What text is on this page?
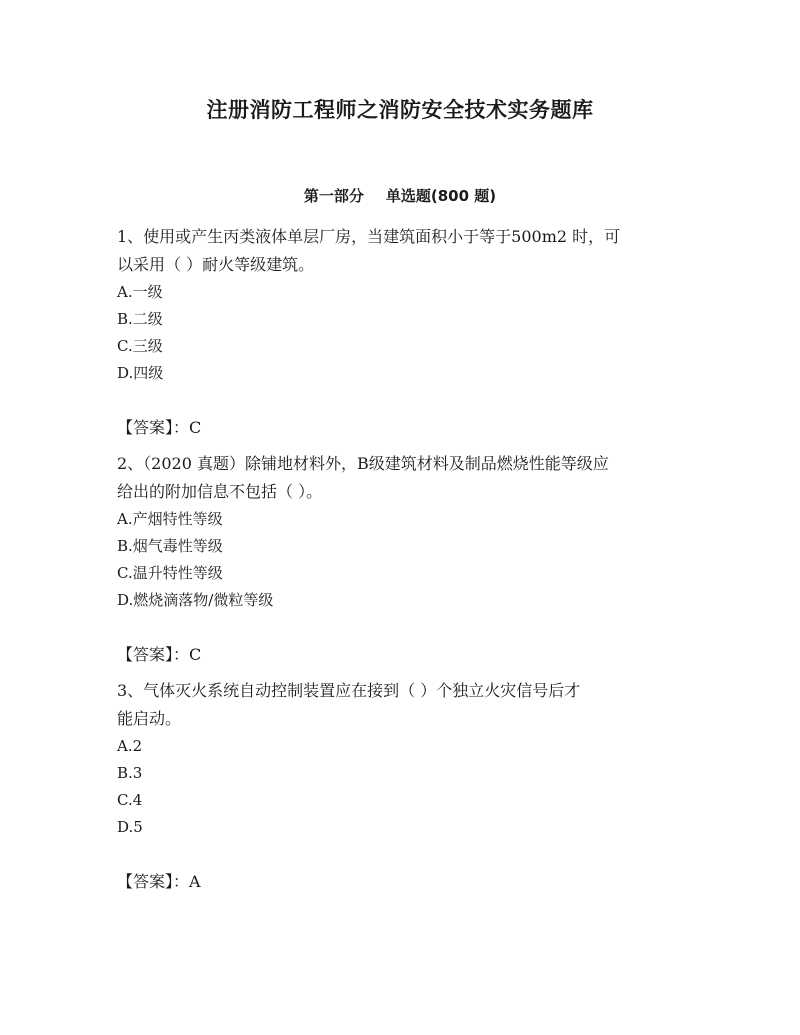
注册消防工程师之消防安全技术实务题库
第一部分 单选题(800 题)

1、使用或产生丙类液体单层厂房，当建筑面积小于等于500m2 时，可
以采用（ ）耐火等级建筑。

A.一级
B.二级
C.三级
D.四级
【答案】：C

2、（2020 真题）除铺地材料外，B级建筑材料及制品燃烧性能等级应
给出的附加信息不包括（ ）。

A.产烟特性等级
B.烟气毒性等级
C.温升特性等级
D.燃烧滴落物/微粒等级
【答案】：C

3、气体灭火系统自动控制装置应在接到（ ）个独立火灾信号后才
能启动。

A.2
B.3
C.4
D.5
【答案】：A
